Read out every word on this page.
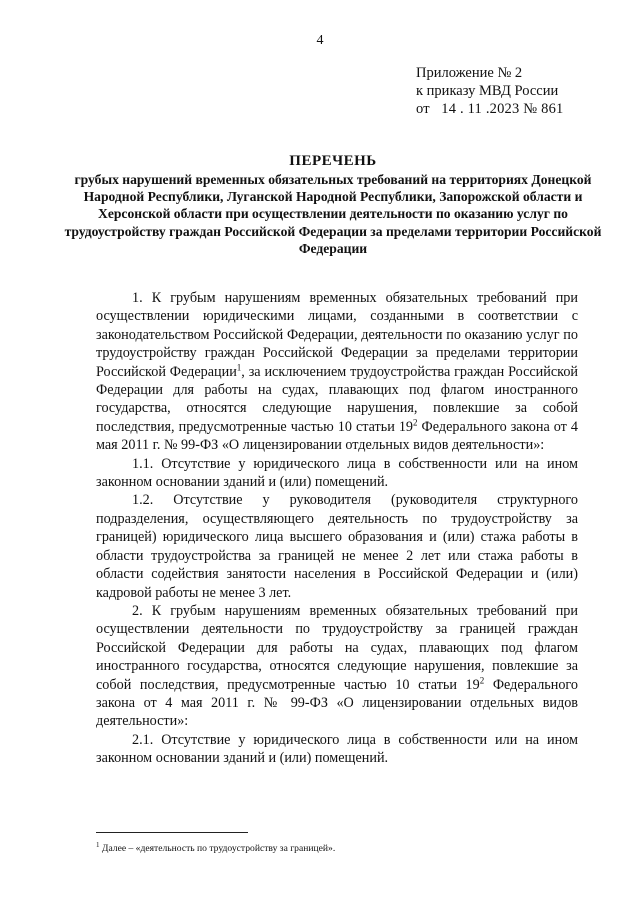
4
Приложение № 2
к приказу МВД России
от   14 . 11 .2023 № 861
ПЕРЕЧЕНЬ
грубых нарушений временных обязательных требований на территориях Донецкой Народной Республики, Луганской Народной Республики, Запорожской области и Херсонской области при осуществлении деятельности по оказанию услуг по трудоустройству граждан Российской Федерации за пределами территории Российской Федерации

1. К грубым нарушениям временных обязательных требований при осуществлении юридическими лицами, созданными в соответствии с законодательством Российской Федерации, деятельности по оказанию услуг по трудоустройству граждан Российской Федерации за пределами территории Российской Федерации$^1$, за исключением трудоустройства граждан Российской Федерации для работы на судах, плавающих под флагом иностранного государства, относятся следующие нарушения, повлекшие за собой последствия, предусмотренные частью 10 статьи $19^2$ Федерального закона от 4 мая 2011 г. № 99-ФЗ «О лицензировании отдельных видов деятельности»:

1.1. Отсутствие у юридического лица в собственности или на ином законном основании зданий и (или) помещений.

1.2. Отсутствие у руководителя (руководителя структурного подразделения, осуществляющего деятельность по трудоустройству за границей) юридического лица высшего образования и (или) стажа работы в области трудоустройства за границей не менее 2 лет или стажа работы в области содействия занятости населения в Российской Федерации и (или) кадровой работы не менее 3 лет.

2. К грубым нарушениям временных обязательных требований при осуществлении деятельности по трудоустройству за границей граждан Российской Федерации для работы на судах, плавающих под флагом иностранного государства, относятся следующие нарушения, повлекшие за собой последствия, предусмотренные частью 10 статьи $19^2$ Федерального закона от 4 мая 2011 г. № 99-ФЗ «О лицензировании отдельных видов деятельности»:

2.1. Отсутствие у юридического лица в собственности или на ином законном основании зданий и (или) помещений.

$^1$ Далее – «деятельность по трудоустройству за границей».
